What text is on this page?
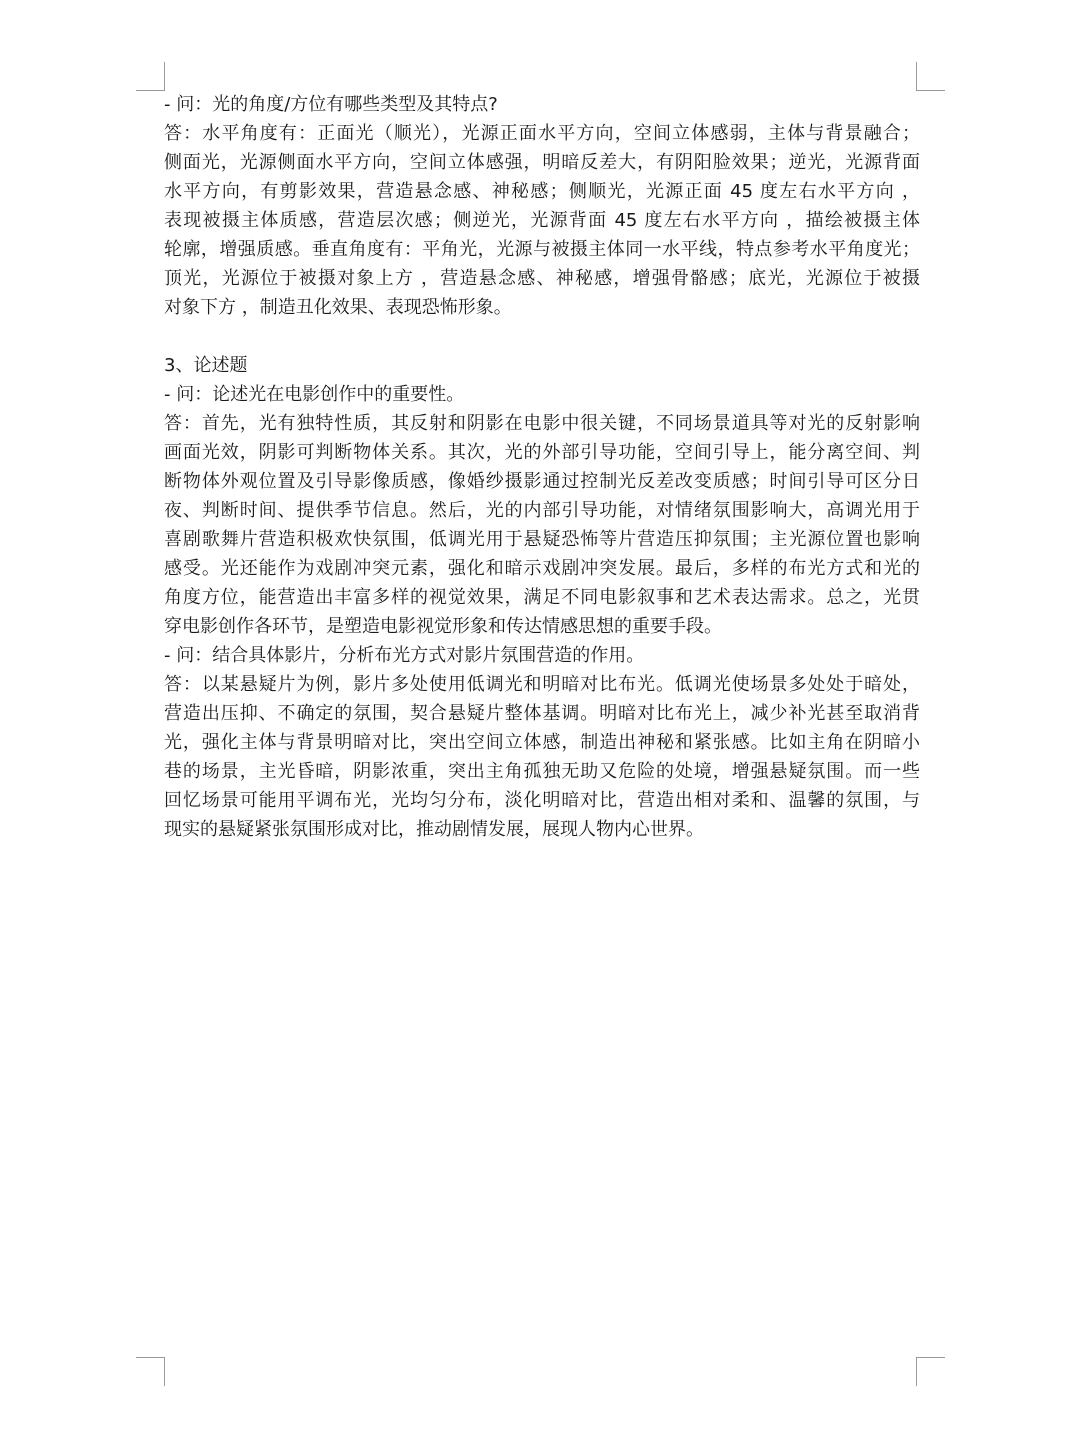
- 问：光的角度/方位有哪些类型及其特点?
答：水平角度有：正面光（顺光），光源正面水平方向，空间立体感弱，主体与背景融合；
侧面光，光源侧面水平方向，空间立体感强，明暗反差大，有阴阳脸效果；逆光，光源背面
水平方向，有剪影效果，营造悬念感、神秘感；侧顺光，光源正面 45 度左右水平方向 ，
表现被摄主体质感，营造层次感；侧逆光，光源背面 45 度左右水平方向 ，描绘被摄主体
轮廓，增强质感。垂直角度有：平角光，光源与被摄主体同一水平线，特点参考水平角度光；
顶光，光源位于被摄对象上方 ，营造悬念感、神秘感，增强骨骼感；底光，光源位于被摄
对象下方 ，制造丑化效果、表现恐怖形象。
3、论述题
- 问：论述光在电影创作中的重要性。
答：首先，光有独特性质，其反射和阴影在电影中很关键，不同场景道具等对光的反射影响
画面光效，阴影可判断物体关系。其次，光的外部引导功能，空间引导上，能分离空间、判
断物体外观位置及引导影像质感，像婚纱摄影通过控制光反差改变质感；时间引导可区分日
夜、判断时间、提供季节信息。然后，光的内部引导功能，对情绪氛围影响大，高调光用于
喜剧歌舞片营造积极欢快氛围，低调光用于悬疑恐怖等片营造压抑氛围；主光源位置也影响
感受。光还能作为戏剧冲突元素，强化和暗示戏剧冲突发展。最后，多样的布光方式和光的
角度方位，能营造出丰富多样的视觉效果，满足不同电影叙事和艺术表达需求。总之，光贯
穿电影创作各环节，是塑造电影视觉形象和传达情感思想的重要手段。
- 问：结合具体影片，分析布光方式对影片氛围营造的作用。
答：以某悬疑片为例，影片多处使用低调光和明暗对比布光。低调光使场景多处处于暗处，
营造出压抑、不确定的氛围，契合悬疑片整体基调。明暗对比布光上，减少补光甚至取消背
光，强化主体与背景明暗对比，突出空间立体感，制造出神秘和紧张感。比如主角在阴暗小
巷的场景，主光昏暗，阴影浓重，突出主角孤独无助又危险的处境，增强悬疑氛围。而一些
回忆场景可能用平调布光，光均匀分布，淡化明暗对比，营造出相对柔和、温馨的氛围，与
现实的悬疑紧张氛围形成对比，推动剧情发展，展现人物内心世界。
